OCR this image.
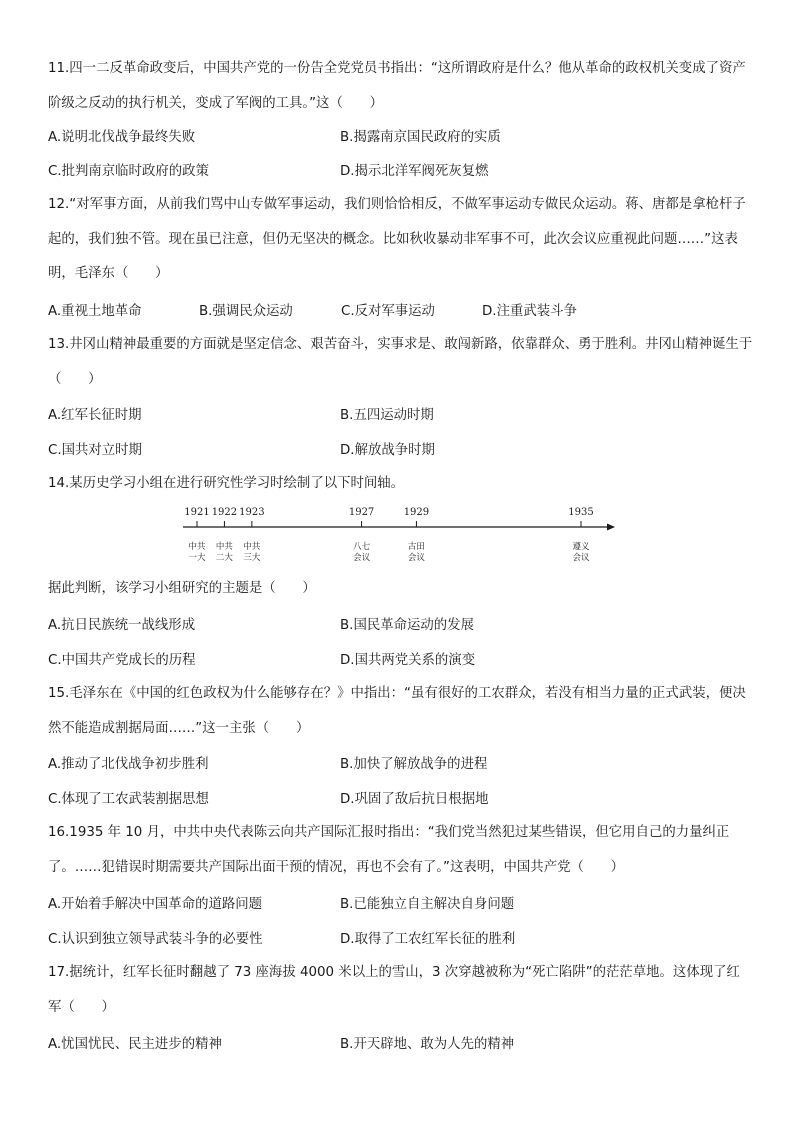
11.四一二反革命政变后，中国共产党的一份告全党党员书指出：“这所谓政府是什么？他从革命的政权机关变成了资产阶级之反动的执行机关，变成了军阀的工具。”这（　　）
A.说明北伐战争最终失败	B.揭露南京国民政府的实质
C.批判南京临时政府的政策	D.揭示北洋军阀死灰复燃
12.“对军事方面，从前我们骂中山专做军事运动，我们则恰恰相反，不做军事运动专做民众运动。蒋、唐都是拿枪杆子起的，我们独不管。现在虽已注意，但仍无坚决的概念。比如秋收暴动非军事不可，此次会议应重视此问题……”这表明，毛泽东（　　）
A.重视土地革命	B.强调民众运动	C.反对军事运动	D.注重武装斗争
13.井冈山精神最重要的方面就是坚定信念、艰苦奋斗，实事求是、敢闯新路，依靠群众、勇于胜利。井冈山精神诞生于（　　）
A.红军长征时期	B.五四运动时期
C.国共对立时期	D.解放战争时期
14.某历史学习小组在进行研究性学习时绘制了以下时间轴。
1921
中共
一大
1922
中共
二大
1923
中共
三大
1927
八七
会议
1929
古田
会议
1935
遵义
会议
据此判断，该学习小组研究的主题是（　　）
A.抗日民族统一战线形成	B.国民革命运动的发展
C.中国共产党成长的历程	D.国共两党关系的演变
15.毛泽东在《中国的红色政权为什么能够存在？》中指出：“虽有很好的工农群众，若没有相当力量的正式武装，便决然不能造成割据局面……”这一主张（　　）
A.推动了北伐战争初步胜利	B.加快了解放战争的进程
C.体现了工农武装割据思想	D.巩固了敌后抗日根据地
16.1935 年 10 月，中共中央代表陈云向共产国际汇报时指出：“我们党当然犯过某些错误，但它用自己的力量纠正了。……犯错误时期需要共产国际出面干预的情况，再也不会有了。”这表明，中国共产党（　　）
A.开始着手解决中国革命的道路问题	B.已能独立自主解决自身问题
C.认识到独立领导武装斗争的必要性	D.取得了工农红军长征的胜利
17.据统计，红军长征时翻越了 73 座海拔 4000 米以上的雪山，3 次穿越被称为“死亡陷阱”的茫茫草地。这体现了红军（　　）
A.忧国忧民、民主进步的精神	B.开天辟地、敢为人先的精神
